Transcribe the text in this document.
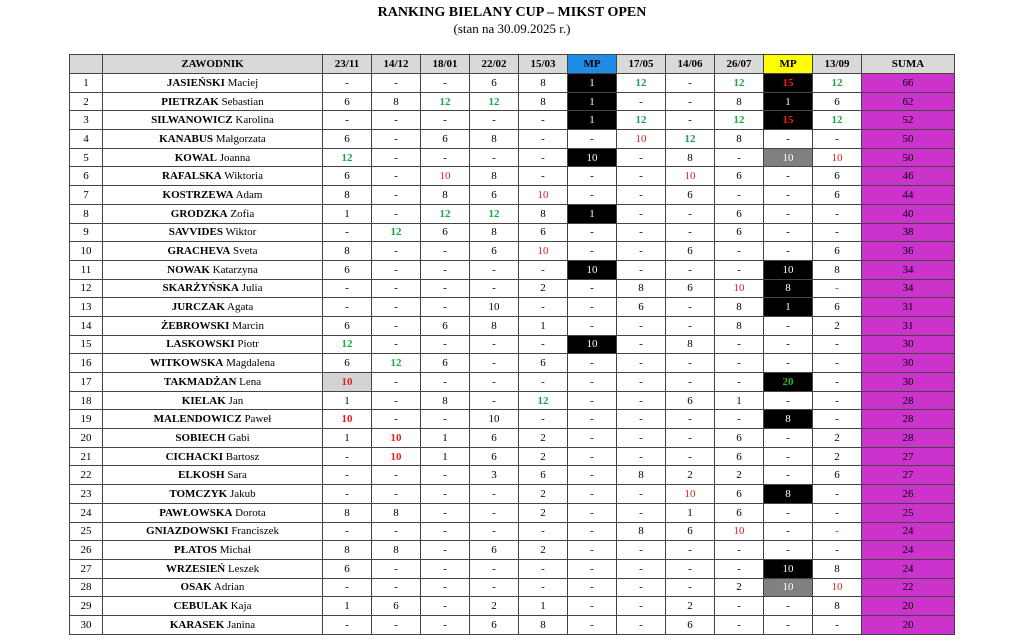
RANKING BIELANY CUP – MIKST OPEN
(stan na 30.09.2025 r.)
	ZAWODNIK	23/11	14/12	18/01	22/02	15/03	MP	17/05	14/06	26/07	MP	13/09	SUMA
1	JASIEŃSKI Maciej	-	-	-	6	8	1	12	-	12	15	12	66
2	PIETRZAK Sebastian	6	8	12	12	8	1	-	-	8	1	6	62
3	SILWANOWICZ Karolina	-	-	-	-	-	1	12	-	12	15	12	52
4	KANABUS Małgorzata	6	-	6	8	-	-	10	12	8	-	-	50
5	KOWAL Joanna	12	-	-	-	-	10	-	8	-	10	10	50
6	RAFALSKA Wiktoria	6	-	10	8	-	-	-	10	6	-	6	46
7	KOSTRZEWA Adam	8	-	8	6	10	-	-	6	-	-	6	44
8	GRODZKA Zofia	1	-	12	12	8	1	-	-	6	-	-	40
9	SAVVIDES Wiktor	-	12	6	8	6	-	-	-	6	-	-	38
10	GRACHEVA Sveta	8	-	-	6	10	-	-	6	-	-	6	36
11	NOWAK Katarzyna	6	-	-	-	-	10	-	-	-	10	8	34
12	SKARŻYŃSKA Julia	-	-	-	-	2	-	8	6	10	8	-	34
13	JURCZAK Agata	-	-	-	10	-	-	6	-	8	1	6	31
14	ŻEBROWSKI Marcin	6	-	6	8	1	-	-	-	8	-	2	31
15	LASKOWSKI Piotr	12	-	-	-	-	10	-	8	-	-	-	30
16	WITKOWSKA Magdalena	6	12	6	-	6	-	-	-	-	-	-	30
17	TAKMADŻAN Lena	10	-	-	-	-	-	-	-	-	20	-	30
18	KIELAK Jan	1	-	8	-	12	-	-	6	1	-	-	28
19	MALENDOWICZ Paweł	10	-	-	10	-	-	-	-	-	8	-	28
20	SOBIECH Gabi	1	10	1	6	2	-	-	-	6	-	2	28
21	CICHACKI Bartosz	-	10	1	6	2	-	-	-	6	-	2	27
22	ELKOSH Sara	-	-	-	3	6	-	8	2	2	-	6	27
23	TOMCZYK Jakub	-	-	-	-	2	-	-	10	6	8	-	26
24	PAWŁOWSKA Dorota	8	8	-	-	2	-	-	1	6	-	-	25
25	GNIAZDOWSKI Franciszek	-	-	-	-	-	-	8	6	10	-	-	24
26	PŁATOS Michał	8	8	-	6	2	-	-	-	-	-	-	24
27	WRZESIEŃ Leszek	6	-	-	-	-	-	-	-	-	10	8	24
28	OSAK Adrian	-	-	-	-	-	-	-	-	2	10	10	22
29	CEBULAK Kaja	1	6	-	2	1	-	-	2	-	-	8	20
30	KARASEK Janina	-	-	-	6	8	-	-	6	-	-	-	20
